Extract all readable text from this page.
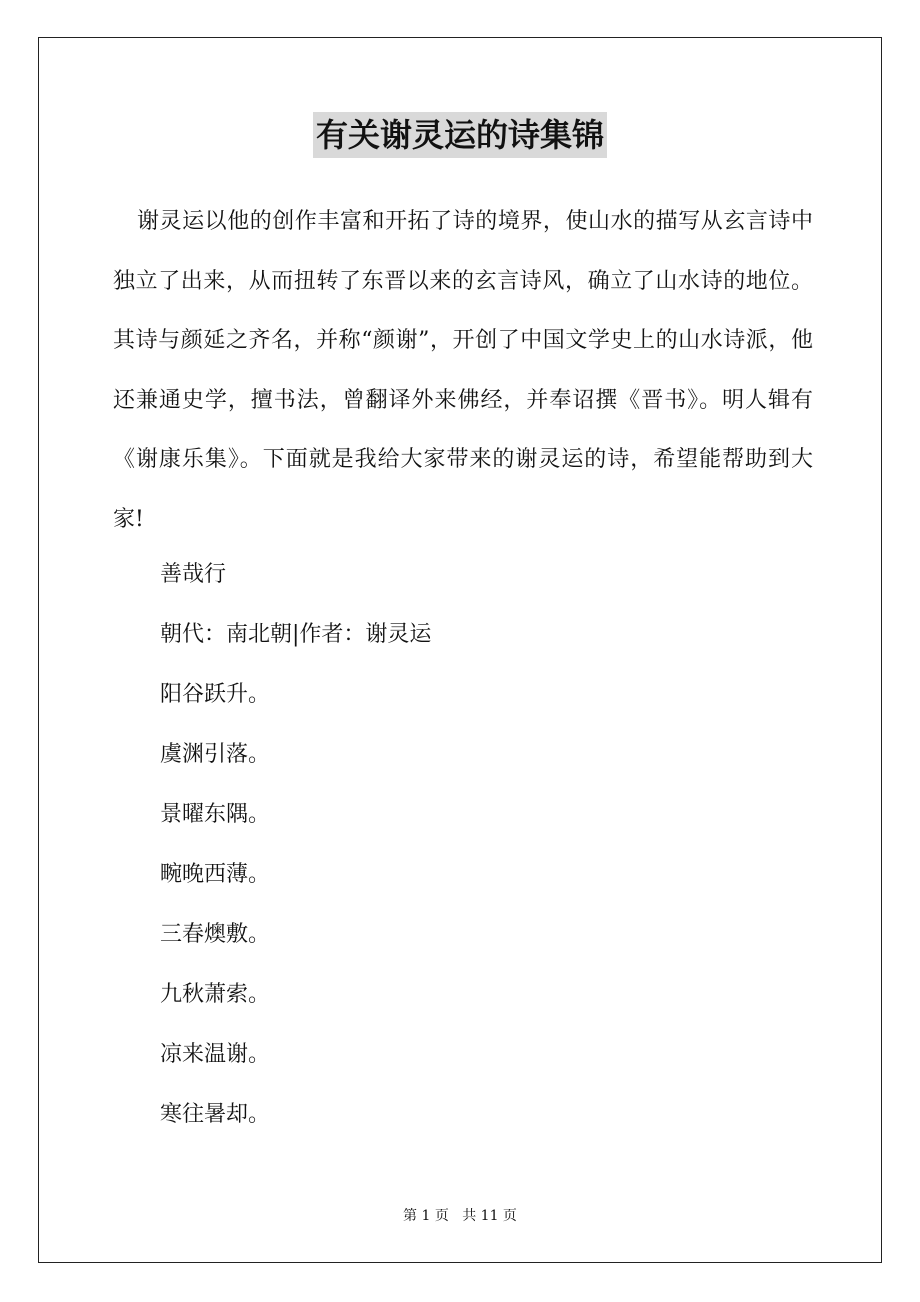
有关谢灵运的诗集锦

谢灵运以他的创作丰富和开拓了诗的境界，使山水的描写从玄言诗中独立了出来，从而扭转了东晋以来的玄言诗风，确立了山水诗的地位。其诗与颜延之齐名，并称“颜谢”，开创了中国文学史上的山水诗派，他还兼通史学，擅书法，曾翻译外来佛经，并奉诏撰《晋书》。明人辑有《谢康乐集》。下面就是我给大家带来的谢灵运的诗，希望能帮助到大家!

善哉行

朝代：南北朝|作者：谢灵运

阳谷跃升。

虞渊引落。

景曜东隅。

畹晚西薄。

三春燠敷。

九秋萧索。

凉来温谢。

寒往暑却。

第 1 页 共 11 页
